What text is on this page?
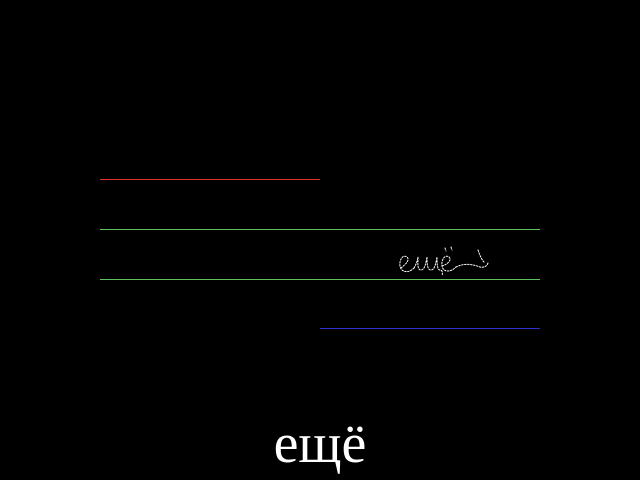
ещё
